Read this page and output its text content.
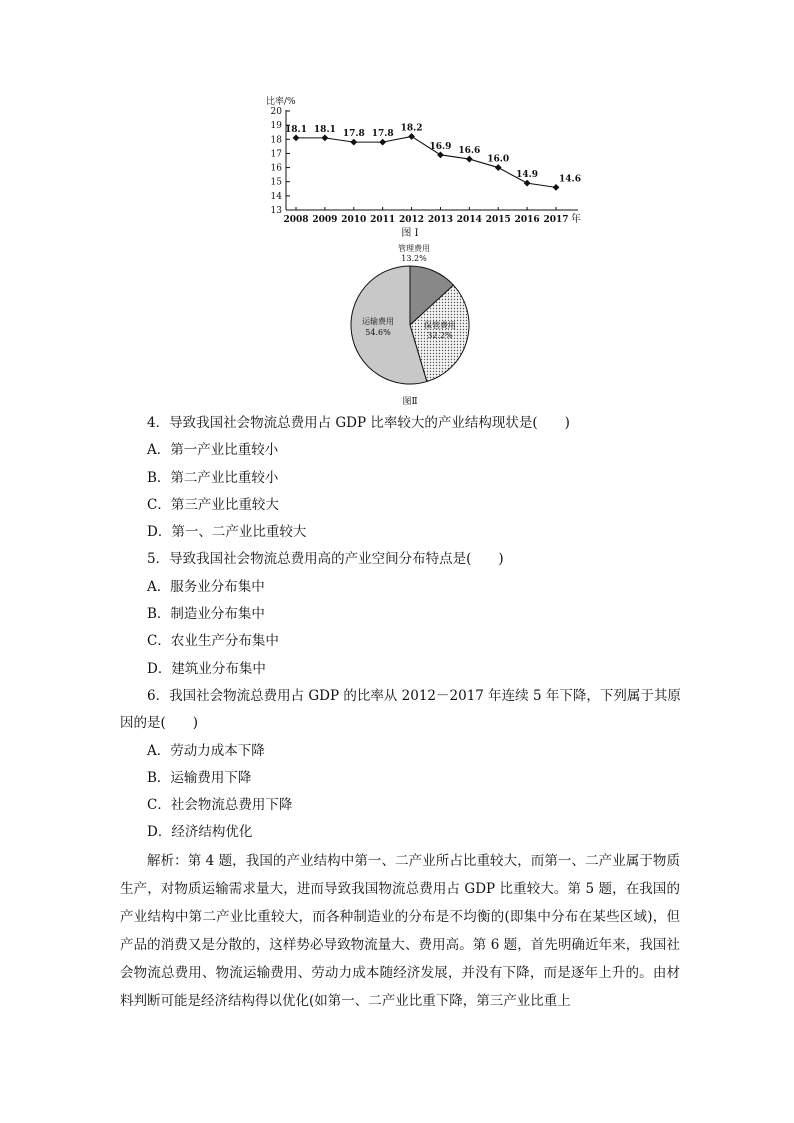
比率/%
13
14
15
16
17
18
19
20
2008 2009 2010 2011 2012 2013 2014 2015 2016 2017 年
18.1 18.1 17.8 17.8
18.2
16.9 16.6
16.0
14.9 14.6
图 Ⅰ
管理费用
13.2%
保管费用
32.2%
运输费用
54.6%
图Ⅱ
4．导致我国社会物流总费用占 GDP 比率较大的产业结构现状是(　　)
A．第一产业比重较小
B．第二产业比重较小
C．第三产业比重较大
D．第一、二产业比重较大
5．导致我国社会物流总费用高的产业空间分布特点是(　　)
A．服务业分布集中
B．制造业分布集中
C．农业生产分布集中
D．建筑业分布集中
6．我国社会物流总费用占 GDP 的比率从 2012－2017 年连续 5 年下降，下列属于其原
因的是(　　)
A．劳动力成本下降
B．运输费用下降
C．社会物流总费用下降
D．经济结构优化

解析：第 4 题，我国的产业结构中第一、二产业所占比重较大，而第一、二产业属于物质生产，对物质运输需求量大，进而导致我国物流总费用占 GDP 比重较大。第 5 题，在我国的产业结构中第二产业比重较大，而各种制造业的分布是不均衡的(即集中分布在某些区域)，但产品的消费又是分散的，这样势必导致物流量大、费用高。第 6 题，首先明确近年来，我国社会物流总费用、物流运输费用、劳动力成本随经济发展，并没有下降，而是逐年上升的。由材料判断可能是经济结构得以优化(如第一、二产业比重下降，第三产业比重上
